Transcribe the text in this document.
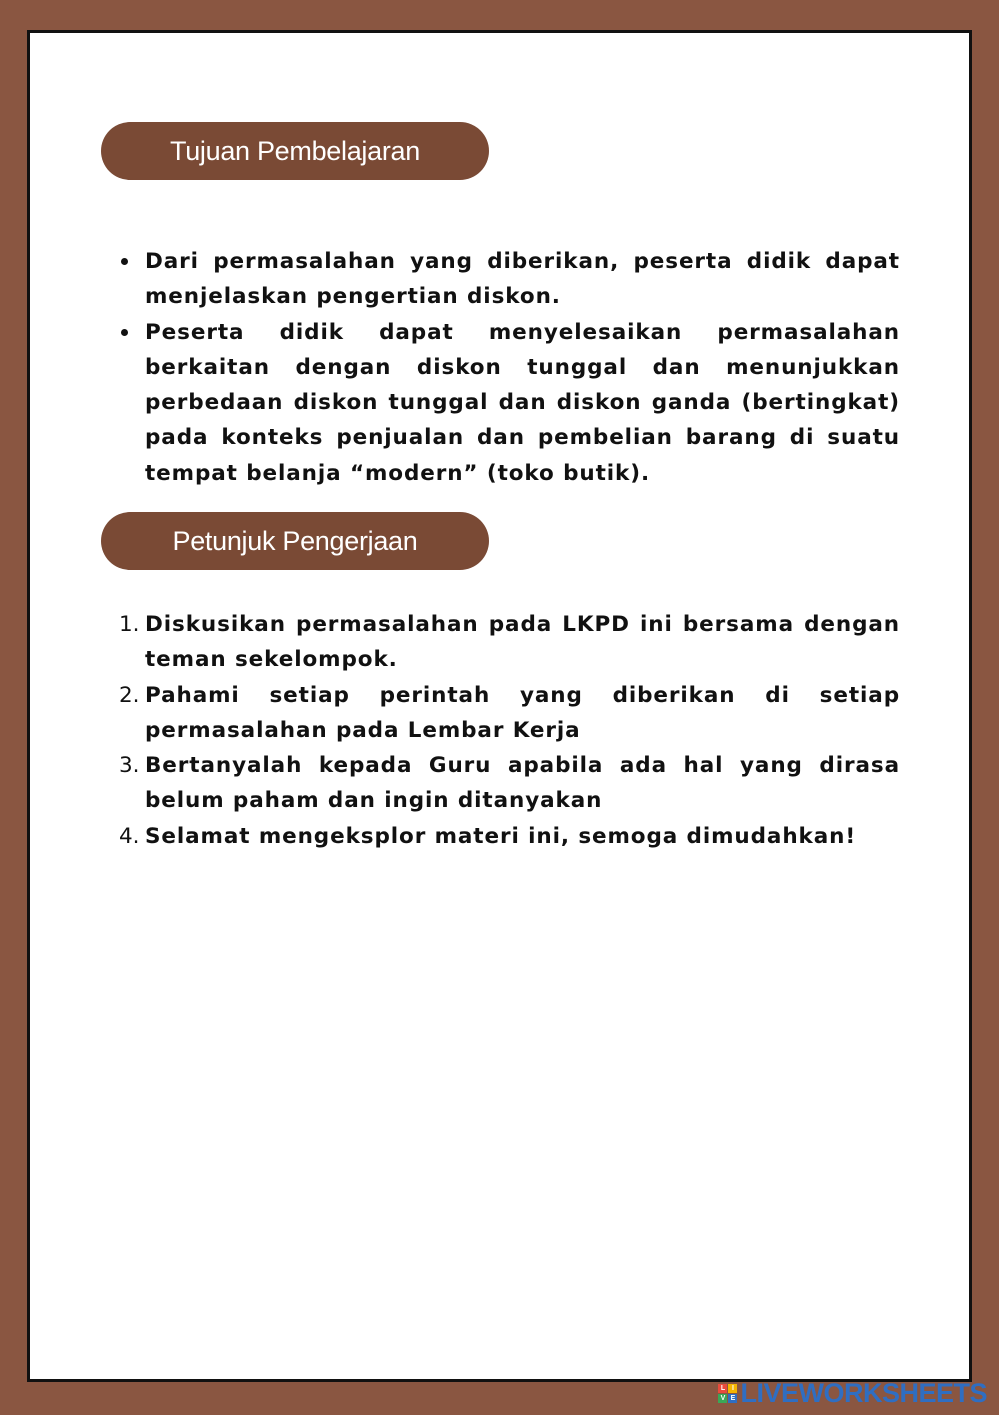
Tujuan Pembelajaran
Dari permasalahan yang diberikan, peserta didik dapat menjelaskan pengertian diskon.
Peserta didik dapat menyelesaikan permasalahan berkaitan dengan diskon tunggal dan menunjukkan perbedaan diskon tunggal dan diskon ganda (bertingkat) pada konteks penjualan dan pembelian barang di suatu tempat belanja “modern” (toko butik).
Petunjuk Pengerjaan
1. Diskusikan permasalahan pada LKPD ini bersama dengan teman sekelompok.
2. Pahami setiap perintah yang diberikan di setiap permasalahan pada Lembar Kerja
3. Bertanyalah kepada Guru apabila ada hal yang dirasa belum paham dan ingin ditanyakan
4. Selamat mengeksplor materi ini, semoga dimudahkan!
L I
V E LIVEWORKSHEETS
